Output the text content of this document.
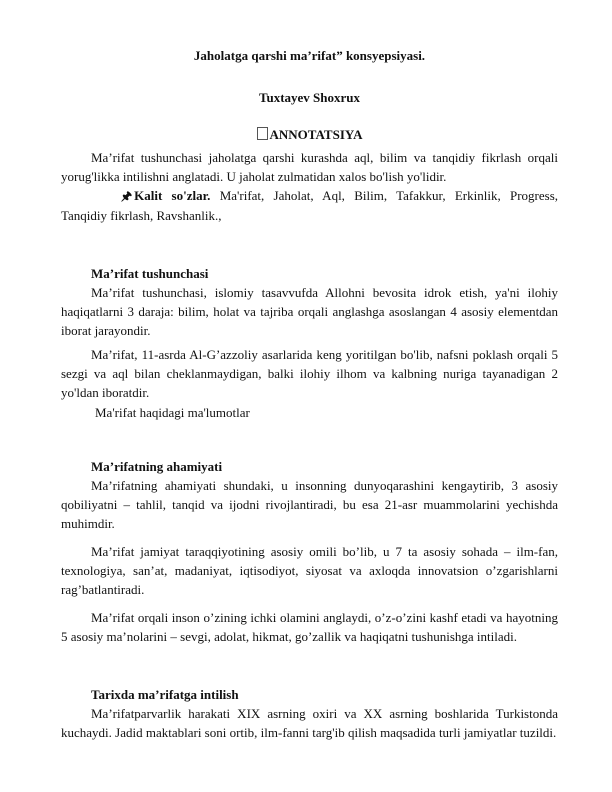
Jaholatga qarshi ma’rifat” konsyepsiyasi.
Tuxtayev Shoxrux
ANNOTATSIYA

Ma’rifat tushunchasi jaholatga qarshi kurashda aql, bilim va tanqidiy fikrlash orqali yorug'likka intilishni anglatadi. U jaholat zulmatidan xalos bo'lish yo'lidir.

🖈 Kalit so'zlar. Ma'rifat, Jaholat, Aql, Bilim, Tafakkur, Erkinlik, Progress, Tanqidiy fikrlash, Ravshanlik.,

Ma’rifat tushunchasi

Ma’rifat tushunchasi, islomiy tasavvufda Allohni bevosita idrok etish, ya'ni ilohiy haqiqatlarni 3 daraja: bilim, holat va tajriba orqali anglashga asoslangan 4 asosiy elementdan iborat jarayondir.

Ma’rifat, 11-asrda Al-G’azzoliy asarlarida keng yoritilgan bo'lib, nafsni poklash orqali 5 sezgi va aql bilan cheklanmaydigan, balki ilohiy ilhom va kalbning nuriga tayanadigan 2 yo'ldan iboratdir.

Ma'rifat haqidagi ma'lumotlar
Ma’rifatning ahamiyati

Ma’rifatning ahamiyati shundaki, u insonning dunyoqarashini kengaytirib, 3 asosiy qobiliyatni – tahlil, tanqid va ijodni rivojlantiradi, bu esa 21-asr muammolarini yechishda muhimdir.

Ma’rifat jamiyat taraqqiyotining asosiy omili bo’lib, u 7 ta asosiy sohada – ilm-fan, texnologiya, san’at, madaniyat, iqtisodiyot, siyosat va axloqda innovatsion o’zgarishlarni rag’batlantiradi.

Ma’rifat orqali inson o’zining ichki olamini anglaydi, o’z-o’zini kashf etadi va hayotning 5 asosiy ma’nolarini – sevgi, adolat, hikmat, go’zallik va haqiqatni tushunishga intiladi.

Tarixda ma’rifatga intilish

Ma’rifatparvarlik harakati XIX asrning oxiri va XX asrning boshlarida Turkistonda kuchaydi. Jadid maktablari soni ortib, ilm-fanni targ'ib qilish maqsadida turli jamiyatlar tuzildi.
